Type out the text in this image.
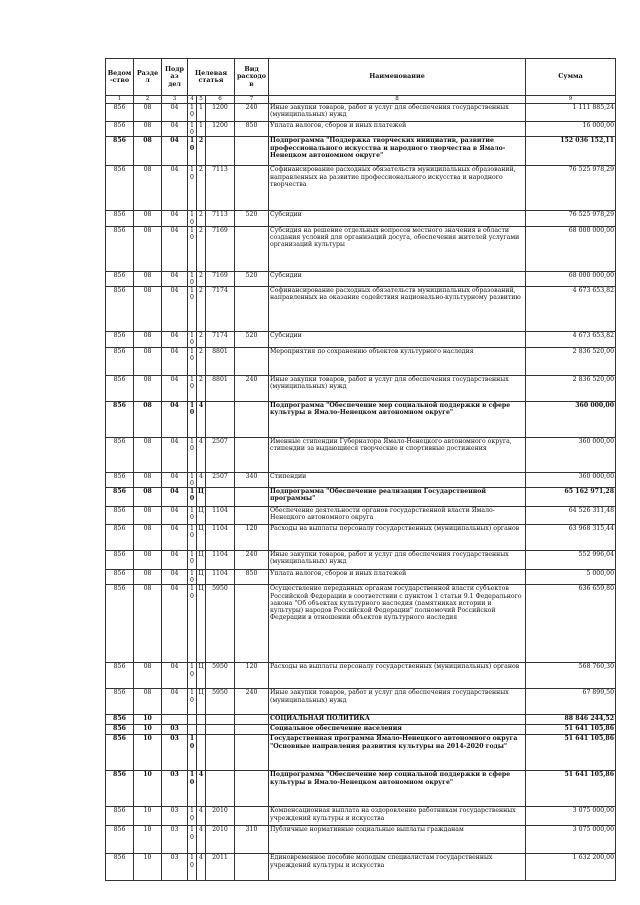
Ведом-ство	Раздел	Подраз дел	Целевая статья			Вид расходов	Наименование	Сумма
1	2	3	4	5	6	7	8	9
856	08	04	10	1	1200	240	Иные закупки товаров, работ и услуг для обеспечения государственных (муниципальных) нужд	1 111 885,24
856	08	04	10	1	1200	850	Уплата налогов, сборов и иных платежей	16 000,00
856	08	04	10	2			Подпрограмма "Поддержка творческих инициатив, развитие профессионального искусства и народного творчества в Ямало-Ненецком автономном округе"	152 036 152,11
856	08	04	10	2	7113		Софинансирование расходных обязательств муниципальных образований, направленных на развитие профессионального искусства и народного творчества	76 525 978,29
856	08	04	10	2	7113	520	Субсидии	76 525 978,29
856	08	04	10	2	7169		Субсидия на решение отдельных вопросов местного значения в области создания условий для организаций досуга, обеспечения жителей услугами организаций культуры	68 000 000,00
856	08	04	10	2	7169	520	Субсидии	68 000 000,00
856	08	04	10	2	7174		Софинансирование расходных обязательств муниципальных образований, направленных на оказание содействия национально-культурному развитию	4 673 653,82
856	08	04	10	2	7174	520	Субсидии	4 673 653,82
856	08	04	10	2	8801		Мероприятия по сохранению объектов культурного наследия	2 836 520,00
856	08	04	10	2	8801	240	Иные закупки товаров, работ и услуг для обеспечения государственных (муниципальных) нужд	2 836 520,00
856	08	04	10	4			Подпрограмма "Обеспечение мер социальной поддержки в сфере культуры в Ямало-Ненецком автономном округе"	360 000,00
856	08	04	10	4	2507		Именные стипендии Губернатора Ямало-Ненецкого автономного округа, стипендии за выдающиеся творческие и спортивные достижения	360 000,00
856	08	04	10	4	2507	340	Стипендии	360 000,00
856	08	04	10	Ц			Подпрограмма "Обеспечение реализации Государственной программы"	65 162 971,28
856	08	04	10	Ц	1104		Обеспечение деятельности органов государственной власти Ямало-Ненецкого автономного округа	64 526 311,48
856	08	04	10	Ц	1104	120	Расходы на выплаты персоналу государственных (муниципальных) органов	63 968 315,44
856	08	04	10	Ц	1104	240	Иные закупки товаров, работ и услуг для обеспечения государственных (муниципальных) нужд	552 996,04
856	08	04	10	Ц	1104	850	Уплата налогов, сборов и иных платежей	5 000,00
856	08	04	10	Ц	5950		Осуществление переданных органам государственной власти субъектов Российской Федерации в соответствии с пунктом 1 статьи 9.1 Федерального закона "Об объектах культурного наследия (памятниках истории и культуры) народов Российской Федерации" полномочий Российской Федерации в отношении объектов культурного наследия	636 659,80
856	08	04	10	Ц	5950	120	Расходы на выплаты персоналу государственных (муниципальных) органов	568 760,30
856	08	04	10	Ц	5950	240	Иные закупки товаров, работ и услуг для обеспечения государственных (муниципальных) нужд	67 899,50
856	10						СОЦИАЛЬНАЯ ПОЛИТИКА	88 846 244,52
856	10	03					Социальное обеспечение населения	51 641 105,86
856	10	03	10				Государственная программа Ямало-Ненецкого автономного округа "Основные направления развития культуры на 2014-2020 годы"	51 641 105,86
856	10	03	10	4			Подпрограмма "Обеспечение мер социальной поддержки в сфере культуры в Ямало-Ненецком автономном округе"	51 641 105,86
856	10	03	10	4	2010		Компенсационная выплата на оздоровление работникам государственных учреждений культуры и искусства	3 075 000,00
856	10	03	10	4	2010	310	Публичные нормативные социальные выплаты гражданам	3 075 000,00
856	10	03	10	4	2011		Единовременное пособие молодым специалистам государственных учреждений культуры и искусства	1 632 200,00
